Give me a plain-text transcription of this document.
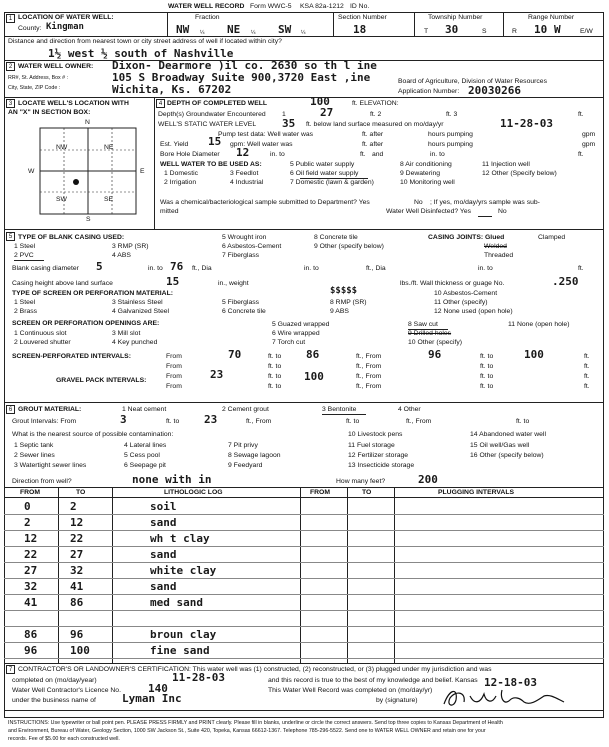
WATER WELL RECORD Form WWC-5 KSA 82a-1212 ID No.
1 LOCATION OF WATER WELL:
County: Kingman
Fraction
NW ¼ NE ¼ SW ¼
Section Number
18
Township Number
T 30	S
Range Number
R 10 W	E/W
Distance and direction from nearest town or city street address of well if located within city?
1½ west ½ south of Nashville
2 WATER WELL OWNER: Dixon- Dearmore )il co. 2630 so th l ine
RR#, St. Address, Box # :	105 S Broadway Suite 900,3720 East ,ine
City, State, ZIP Code :	Wichita, Ks. 67202
Board of Agriculture, Division of Water Resources
Application Number: 20030266
3 LOCATE WELL'S LOCATION WITH
AN "X" IN SECTION BOX:
N
S
W	E
NW	NE
SW	SE
4 DEPTH OF COMPLETED WELL	100	ft. ELEVATION:
Depth(s) Groundwater Encountered 1	27	ft. 2	ft. 3	ft.
WELL'S STATIC WATER LEVEL 35 ft. below land surface measured on mo/day/yr	11-28-03
Pump test data: Well water was	ft. after	hours pumping	gpm
Est. Yield 15 gpm: Well water was	ft. after	hours pumping	gpm
Bore Hole Diameter 12	in. to	ft. and	in. to	ft.
WELL WATER TO BE USED AS:
1 Domestic
2 Irrigation
3 Feedlot
4 Industrial
5 Public water supply
6 Oil field water supply
7 Domestic (lawn & garden)
8 Air conditioning
9 Dewatering
10 Monitoring well
11 Injection well
12 Other (Specify below)
Was a chemical/bacteriological sample submitted to Department? Yes	No ; If yes, mo/day/yrs sample was sub-
mitted	Water Well Disinfected? Yes	No
5 TYPE OF BLANK CASING USED:
1 Steel
2 PVC
3 RMP (SR)
4 ABS
5 Wrought iron
6 Asbestos-Cement
7 Fiberglass
8 Concrete tile
9 Other (specify below)
CASING JOINTS: Glued	Clamped
Welded
Threaded
Blank casing diameter 5	in. to 76 ft., Dia	in. to	ft., Dia	in. to	ft.
Casing height above land surface	15	in., weight	lbs./ft. Wall thickness or guage No.	.250
TYPE OF SCREEN OR PERFORATION MATERIAL:
1 Steel
2 Brass
3 Stainless Steel
4 Galvanized Steel
5 Fiberglass
6 Concrete tile
$$$$$
8 RMP (SR)
9 ABS
10 Asbestos-Cement
11 Other (specify)
12 None used (open hole)
SCREEN OR PERFORATION OPENINGS ARE:
1 Continuous slot
2 Louvered shutter
3 Mill slot
4 Key punched
5 Guazed wrapped
6 Wire wrapped
7 Torch cut
8 Saw cut
9 Drilled holes
10 Other (specify)
11 None (open hole)
SCREEN-PERFORATED INTERVALS:	From	70	ft. to 86	ft., From	96	ft. to	100	ft.
From	ft. to	ft., From	ft. to	ft.
GRAVEL PACK INTERVALS:
From	23	ft. to 100	ft., From	ft. to	ft.
From	ft. to	ft., From	ft. to	ft.
6 GROUT MATERIAL:	1 Neat cement	2 Cement grout	3 Bentonite	4 Other
Grout Intervals: From	3	ft. to 23	ft., From	ft. to	ft., From	ft. to
What is the nearest source of possible contamination:
1 Septic tank
2 Sewer lines
3 Watertight sewer lines
4 Lateral lines
5 Cess pool
6 Seepage pit
7 Pit privy
8 Sewage lagoon
9 Feedyard
10 Livestock pens
11 Fuel storage
12 Fertilizer storage
13 Insecticide storage
14 Abandoned water well
15 Oil well/Gas well
16 Other (specify below)
Direction from well?	none with in	How many feet?	200
FROM	TO	LITHOLOGIC LOG	FROM	TO	PLUGGING INTERVALS
0	2	soil
2	12	sand
12	22	wh t clay
22	27	sand
27	32	white clay
32	41	sand
41	86	med sand
86	96	broun clay
96	100	fine sand
7 CONTRACTOR'S OR LANDOWNER'S CERTIFICATION: This water well was (1) constructed, (2) reconstructed, or (3) plugged under my jurisdiction and was
completed on (mo/day/year)	11-28-03	and this record is true to the best of my knowledge and belief. Kansas
Water Well Contractor's Licence No. 140	This Water Well Record was completed on (mo/day/yr)
12-18-03
under the business name of Lyman Inc	by (signature)
INSTRUCTIONS: Use typewriter or ball point pen. PLEASE PRESS FIRMLY and PRINT clearly. Please fill in blanks, underline or circle the correct answers. Send top three copies to Kansas Department of Health
and Environment, Bureau of Water, Geology Section, 1000 SW Jackson St., Suite 420, Topeka, Kansas 66612-1367. Telephone 785-296-5522. Send one to WATER WELL OWNER and retain one for your
records. Fee of $5.00 for each constructed well.
